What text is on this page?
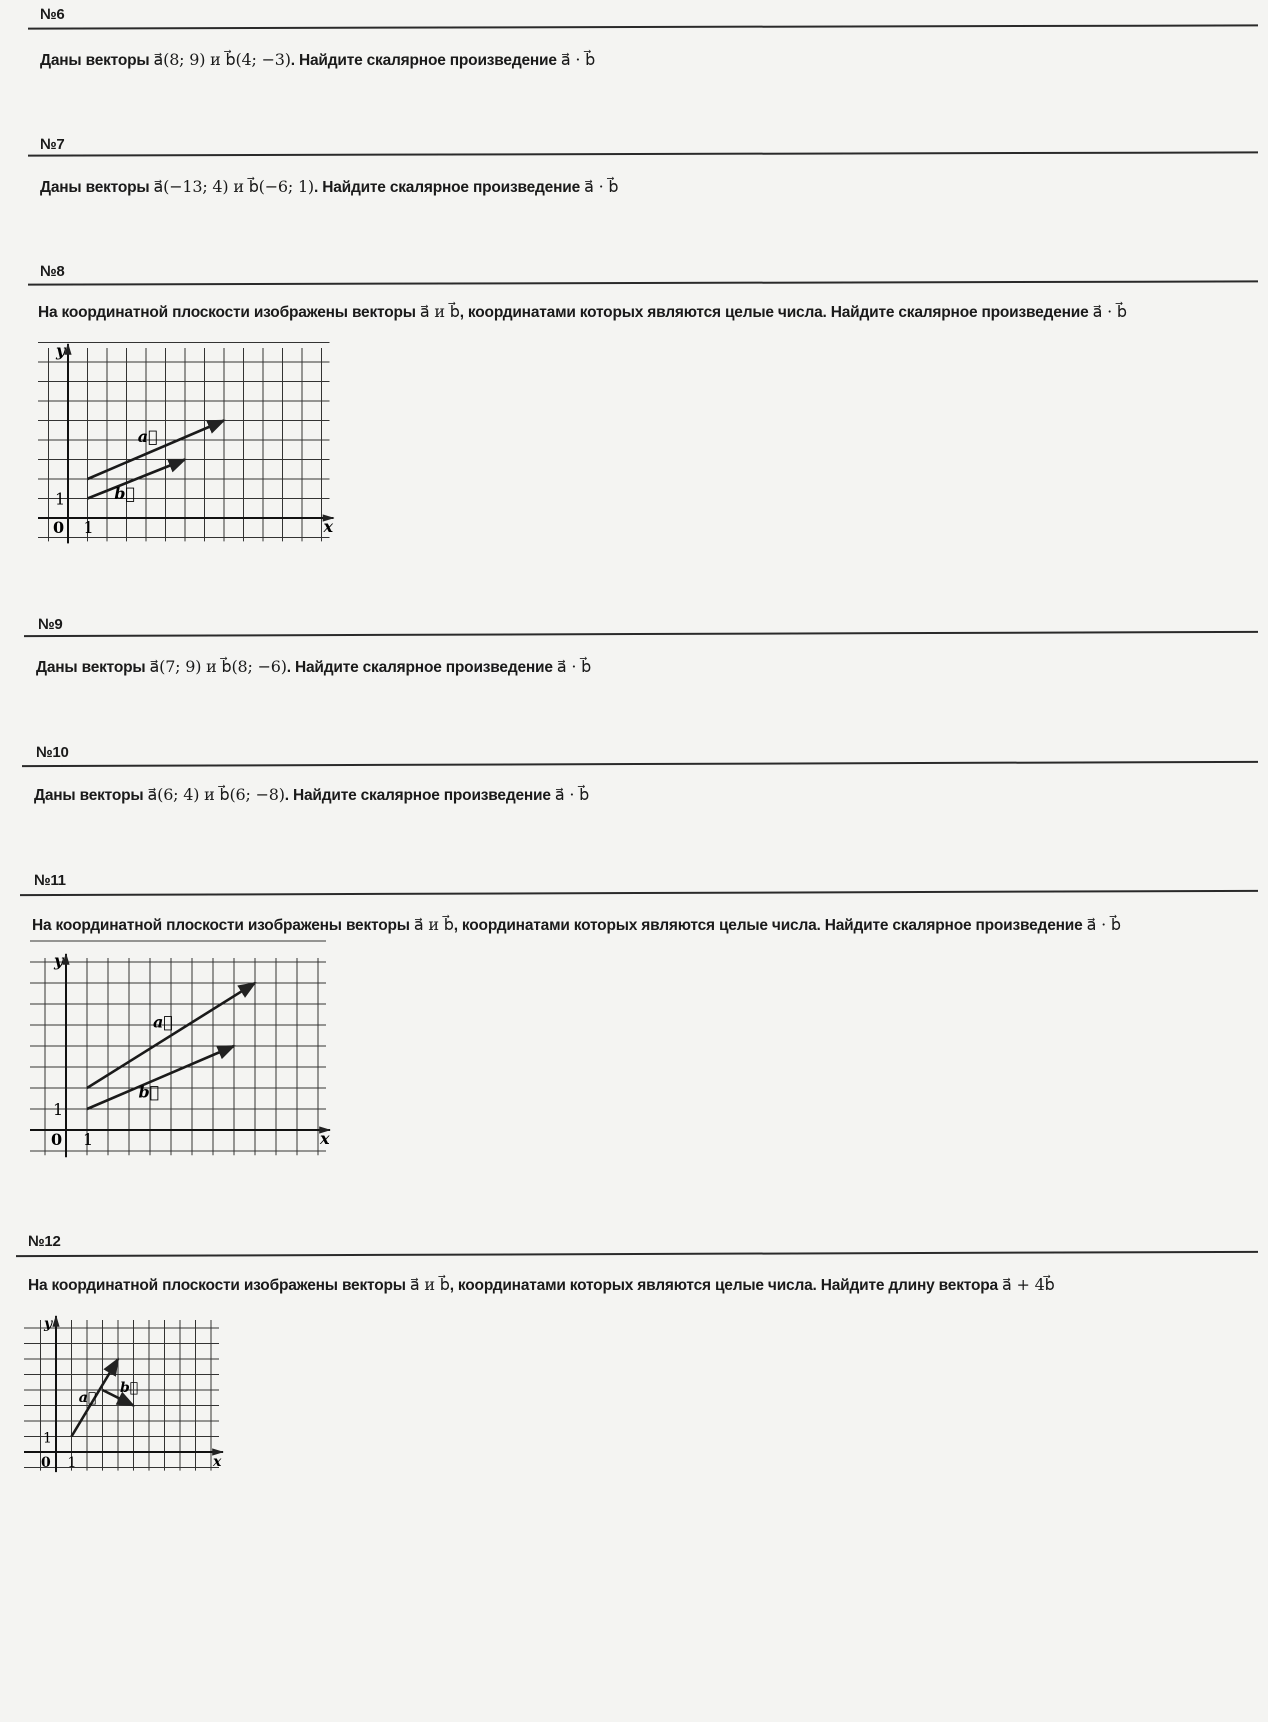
№6
Даны векторы a⃗(8; 9) и b⃗(4; −3). Найдите скалярное произведение a⃗ · b⃗
№7
Даны векторы a⃗(−13; 4) и b⃗(−6; 1). Найдите скалярное произведение a⃗ · b⃗
№8
На координатной плоскости изображены векторы a⃗ и b⃗, координатами которых являются целые числа. Найдите скалярное произведение a⃗ · b⃗
y
x
0 1
1
a⃗
b⃗
№9
Даны векторы a⃗(7; 9) и b⃗(8; −6). Найдите скалярное произведение a⃗ · b⃗
№10
Даны векторы a⃗(6; 4) и b⃗(6; −8). Найдите скалярное произведение a⃗ · b⃗
№11
На координатной плоскости изображены векторы a⃗ и b⃗, координатами которых являются целые числа. Найдите скалярное произведение a⃗ · b⃗
y
x
0 1
1
a⃗
b⃗
№12
На координатной плоскости изображены векторы a⃗ и b⃗, координатами которых являются целые числа. Найдите длину вектора a⃗ + 4b⃗
y
x
0 1
1
a⃗
b⃗
